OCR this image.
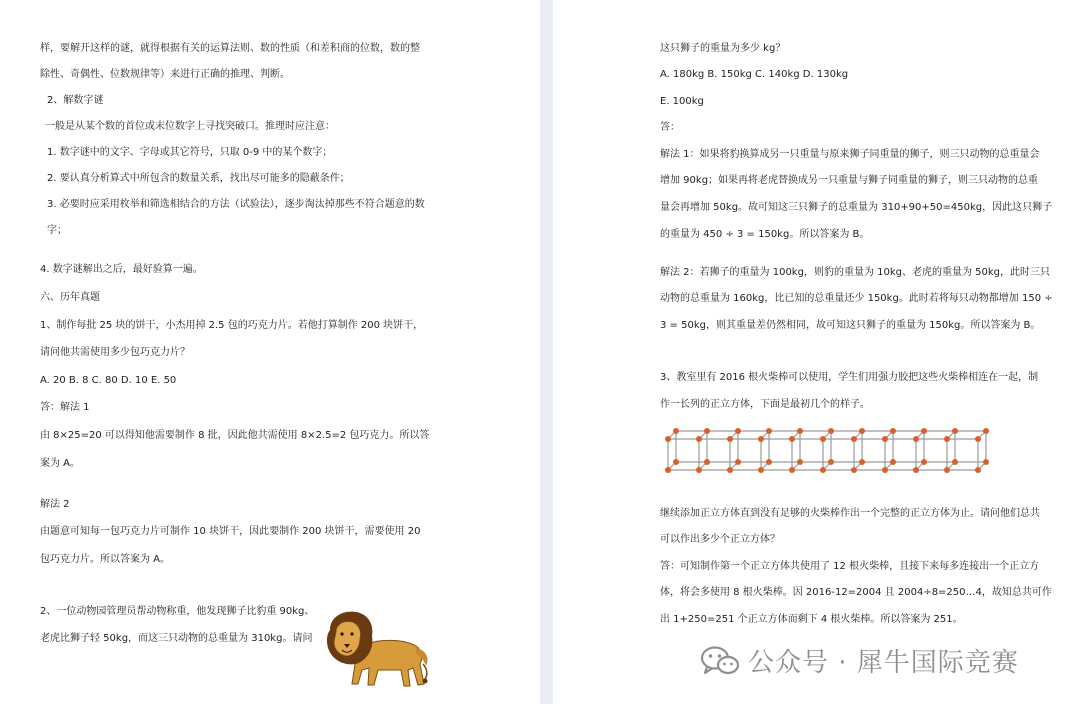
样，要解开这样的谜，就得根据有关的运算法则、数的性质（和差积商的位数，数的整
除性、奇偶性、位数规律等）来进行正确的推理、判断。
2、解数字谜
一般是从某个数的首位或末位数字上寻找突破口。推理时应注意：
1. 数字谜中的文字、字母或其它符号，只取 0-9 中的某个数字；
2. 要认真分析算式中所包含的数量关系，找出尽可能多的隐蔽条件；
3. 必要时应采用枚举和筛选相结合的方法（试验法），逐步淘汰掉那些不符合题意的数
字；
4. 数字谜解出之后，最好验算一遍。
六、历年真题
1、制作每批 25 块的饼干，小杰用掉 2.5 包的巧克力片。若他打算制作 200 块饼干，
请问他共需使用多少包巧克力片？
A. 20 B. 8 C. 80 D. 10 E. 50
答：解法 1
由 8×25=20 可以得知他需要制作 8 批，因此他共需使用 8×2.5=2 包巧克力。所以答
案为 A。
解法 2
由题意可知每一包巧克力片可制作 10 块饼干，因此要制作 200 块饼干，需要使用 20
包巧克力片。所以答案为 A。
2、一位动物园管理员帮动物称重，他发现狮子比豹重 90kg、
老虎比狮子轻 50kg，而这三只动物的总重量为 310kg。请问
这只狮子的重量为多少 kg？
A. 180kg B. 150kg C. 140kg D. 130kg
E. 100kg
答：
解法 1：如果将豹换算成另一只重量与原来狮子同重量的狮子，则三只动物的总重量会
增加 90kg；如果再将老虎替换成另一只重量与狮子同重量的狮子，则三只动物的总重
量会再增加 50kg。故可知这三只狮子的总重量为 310+90+50=450kg，因此这只狮子
的重量为 450 ÷ 3 = 150kg。所以答案为 B。
解法 2：若狮子的重量为 100kg，则豹的重量为 10kg、老虎的重量为 50kg，此时三只
动物的总重量为 160kg，比已知的总重量还少 150kg。此时若将每只动物都增加 150 ÷
3 = 50kg，则其重量差仍然相同，故可知这只狮子的重量为 150kg。所以答案为 B。
3、教室里有 2016 根火柴棒可以使用，学生们用强力胶把这些火柴棒相连在一起，制
作一长列的正立方体，下面是最初几个的样子。
继续添加正立方体直到没有足够的火柴棒作出一个完整的正立方体为止。请问他们总共
可以作出多少个正立方体？
答：可知制作第一个正立方体共使用了 12 根火柴棒，且接下来每多连接出一个正立方
体，将会多使用 8 根火柴棒。因 2016-12=2004 且 2004÷8=250…4，故知总共可作
出 1+250=251 个正立方体而剩下 4 根火柴棒。所以答案为 251。
公众号 · 犀牛国际竞赛
